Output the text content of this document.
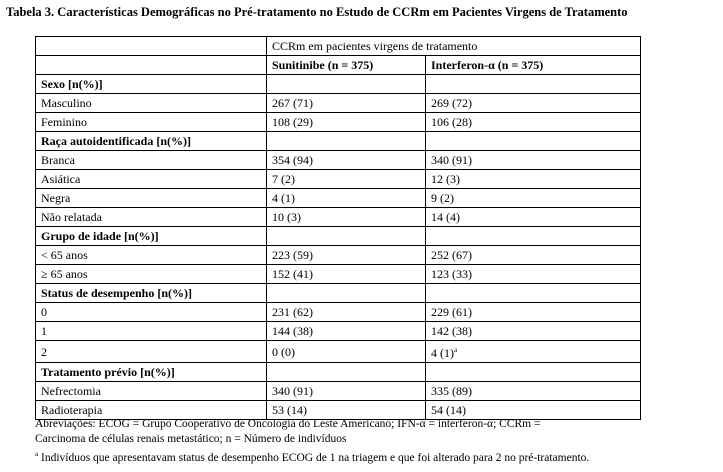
Tabela 3. Características Demográficas no Pré-tratamento no Estudo de CCRm em Pacientes Virgens de Tratamento
	CCRm em pacientes virgens de tratamento	
	Sunitinibe (n = 375)	Interferon-α (n = 375)
Sexo [n(%)]		
Masculino	267 (71)	269 (72)
Feminino	108 (29)	106 (28)
Raça autoidentificada [n(%)]		
Branca	354 (94)	340 (91)
Asiática	7 (2)	12 (3)
Negra	4 (1)	9 (2)
Não relatada	10 (3)	14 (4)
Grupo de idade [n(%)]		
< 65 anos	223 (59)	252 (67)
≥ 65 anos	152 (41)	123 (33)
Status de desempenho [n(%)]		
0	231 (62)	229 (61)
1	144 (38)	142 (38)
2	0 (0)	4 $(1)^a$
Tratamento prévio [n(%)]		
Nefrectomia	340 (91)	335 (89)
Radioterapia	53 (14)	54 (14)
Abreviações: ECOG = Grupo Cooperativo de Oncologia do Leste Americano; IFN-α = interferon-α; CCRm =
Carcinoma de células renais metastático; n = Número de indivíduos
$^a$ Indivíduos que apresentavam status de desempenho ECOG de 1 na triagem e que foi alterado para 2 no pré-tratamento.
